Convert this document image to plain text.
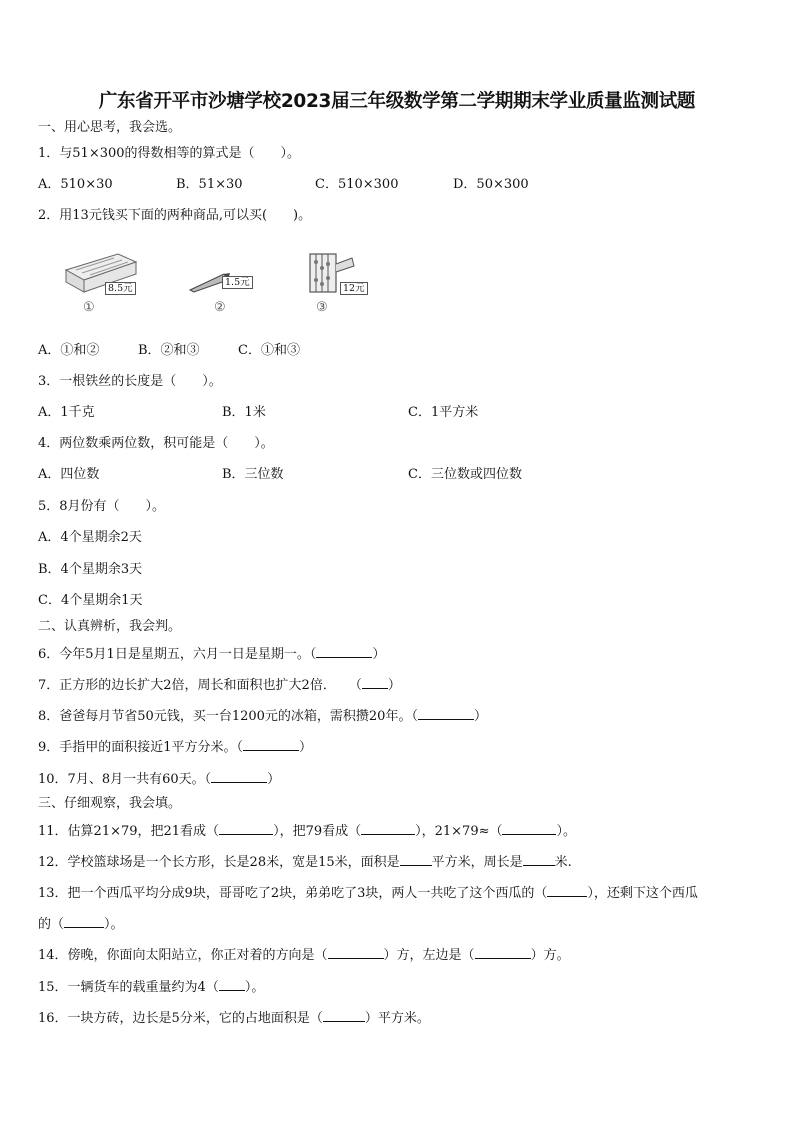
广东省开平市沙塘学校2023届三年级数学第二学期期末学业质量监测试题
一、用心思考，我会选。
1．与51×300的得数相等的算式是（　　）。
A．510×30	B．51×30	C．510×300	D．50×300
2．用13元钱买下面的两种商品,可以买(　　)。
8.5元
①
1.5元
②
12元
③
A．①和②	B．②和③	C．①和③
3．一根铁丝的长度是（　　）。
A．1千克	B．1米	C．1平方米
4．两位数乘两位数，积可能是（　　）。
A．四位数	B．三位数	C．三位数或四位数
5．8月份有（　　）。
A．4个星期余2天
B．4个星期余3天
C．4个星期余1天
二、认真辨析，我会判。
6．今年5月1日是星期五，六月一日是星期一。（	）
7．正方形的边长扩大2倍，周长和面积也扩大2倍．　　（ ）
8．爸爸每月节省50元钱，买一台1200元的冰箱，需积攒20年。（	）
9．手指甲的面积接近1平方分米。（	）
10．7月、8月一共有60天。（	）
三、仔细观察，我会填。
11．估算21×79，把21看成（	），把79看成（	），21×79≈（	）。
12．学校篮球场是一个长方形，长是28米，宽是15米，面积是 平方米，周长是 米.
13．把一个西瓜平均分成9块，哥哥吃了2块，弟弟吃了3块，两人一共吃了这个西瓜的（	），还剩下这个西瓜
的（	）。
14．傍晚，你面向太阳站立，你正对着的方向是（	）方，左边是（	）方。
15．一辆货车的载重量约为4（ ）。
16．一块方砖，边长是5分米，它的占地面积是（	）平方米。
